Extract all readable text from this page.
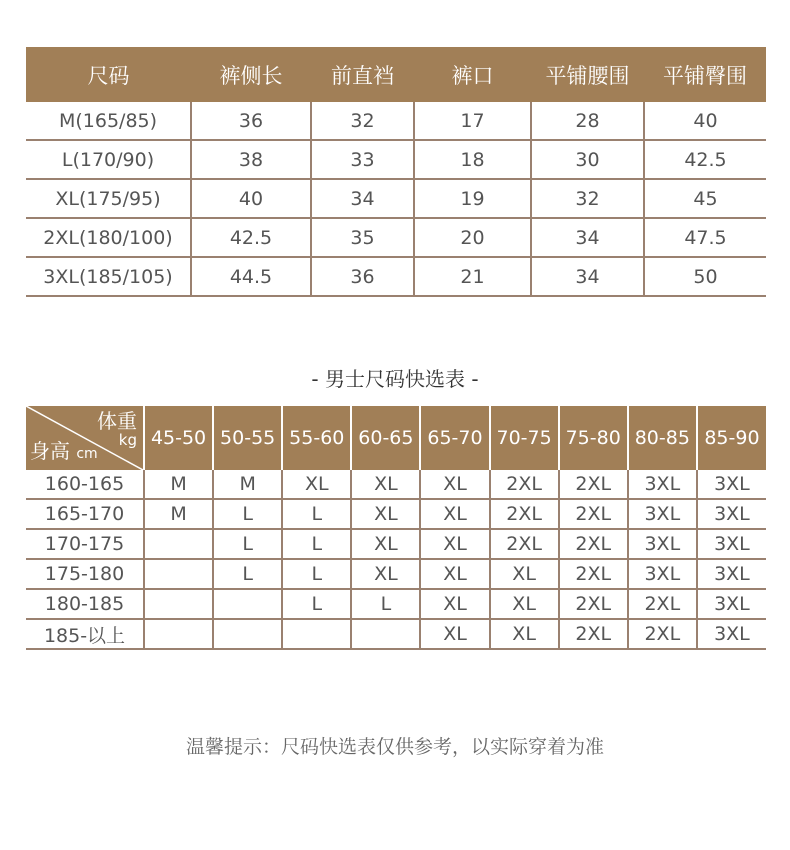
尺码	裤侧长	前直裆	裤口	平铺腰围	平铺臀围
M(165/85)	36	32	17	28	40
L(170/90)	38	33	18	30	42.5
XL(175/95)	40	34	19	32	45
2XL(180/100)	42.5	35	20	34	47.5
3XL(185/105)	44.5	36	21	34	50
- 男士尺码快选表 -
体重
kg
身高 cm	45-50	50-55	55-60	60-65	65-70	70-75	75-80	80-85	85-90
160-165	M	M	XL	XL	XL	2XL	2XL	3XL	3XL
165-170	M	L	L	XL	XL	2XL	2XL	3XL	3XL
170-175		L	L	XL	XL	2XL	2XL	3XL	3XL
175-180		L	L	XL	XL	XL	2XL	3XL	3XL
180-185			L	L	XL	XL	2XL	2XL	3XL
185-以上					XL	XL	2XL	2XL	3XL
温馨提示：尺码快选表仅供参考，以实际穿着为准
